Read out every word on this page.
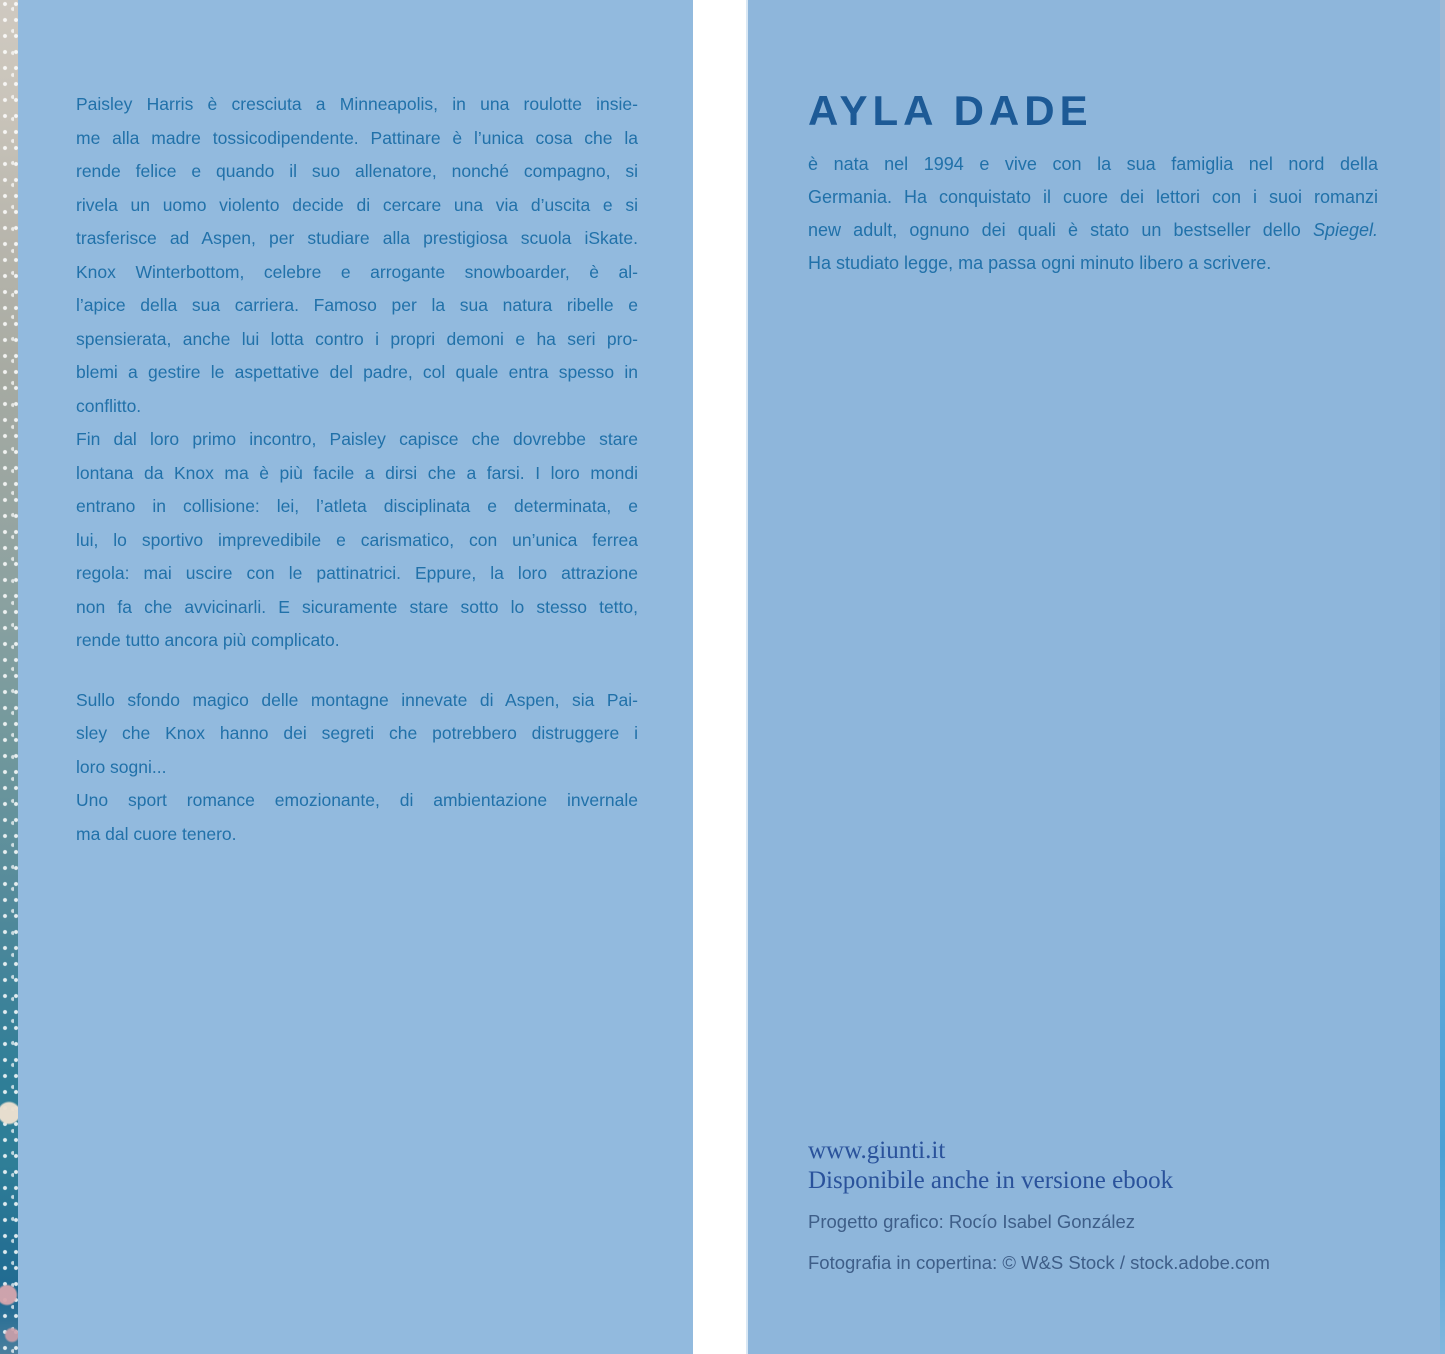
Paisley Harris è cresciuta a Minneapolis, in una roulotte insie-
me alla madre tossicodipendente. Pattinare è l’unica cosa che la
rende felice e quando il suo allenatore, nonché compagno, si
rivela un uomo violento decide di cercare una via d’uscita e si
trasferisce ad Aspen, per studiare alla prestigiosa scuola iSkate.
Knox Winterbottom, celebre e arrogante snowboarder, è al-
l’apice della sua carriera. Famoso per la sua natura ribelle e
spensierata, anche lui lotta contro i propri demoni e ha seri pro-
blemi a gestire le aspettative del padre, col quale entra spesso in
conflitto.
Fin dal loro primo incontro, Paisley capisce che dovrebbe stare
lontana da Knox ma è più facile a dirsi che a farsi. I loro mondi
entrano in collisione: lei, l’atleta disciplinata e determinata, e
lui, lo sportivo imprevedibile e carismatico, con un’unica ferrea
regola: mai uscire con le pattinatrici. Eppure, la loro attrazione
non fa che avvicinarli. E sicuramente stare sotto lo stesso tetto,
rende tutto ancora più complicato.
Sullo sfondo magico delle montagne innevate di Aspen, sia Pai-
sley che Knox hanno dei segreti che potrebbero distruggere i
loro sogni...
Uno sport romance emozionante, di ambientazione invernale
ma dal cuore tenero.
AYLA DADE
è nata nel 1994 e vive con la sua famiglia nel nord della
Germania. Ha conquistato il cuore dei lettori con i suoi romanzi
new adult, ognuno dei quali è stato un bestseller dello Spiegel.
Ha studiato legge, ma passa ogni minuto libero a scrivere.
www.giunti.it
Disponibile anche in versione ebook
Progetto grafico: Rocío Isabel González
Fotografia in copertina: © W&S Stock / stock.adobe.com
